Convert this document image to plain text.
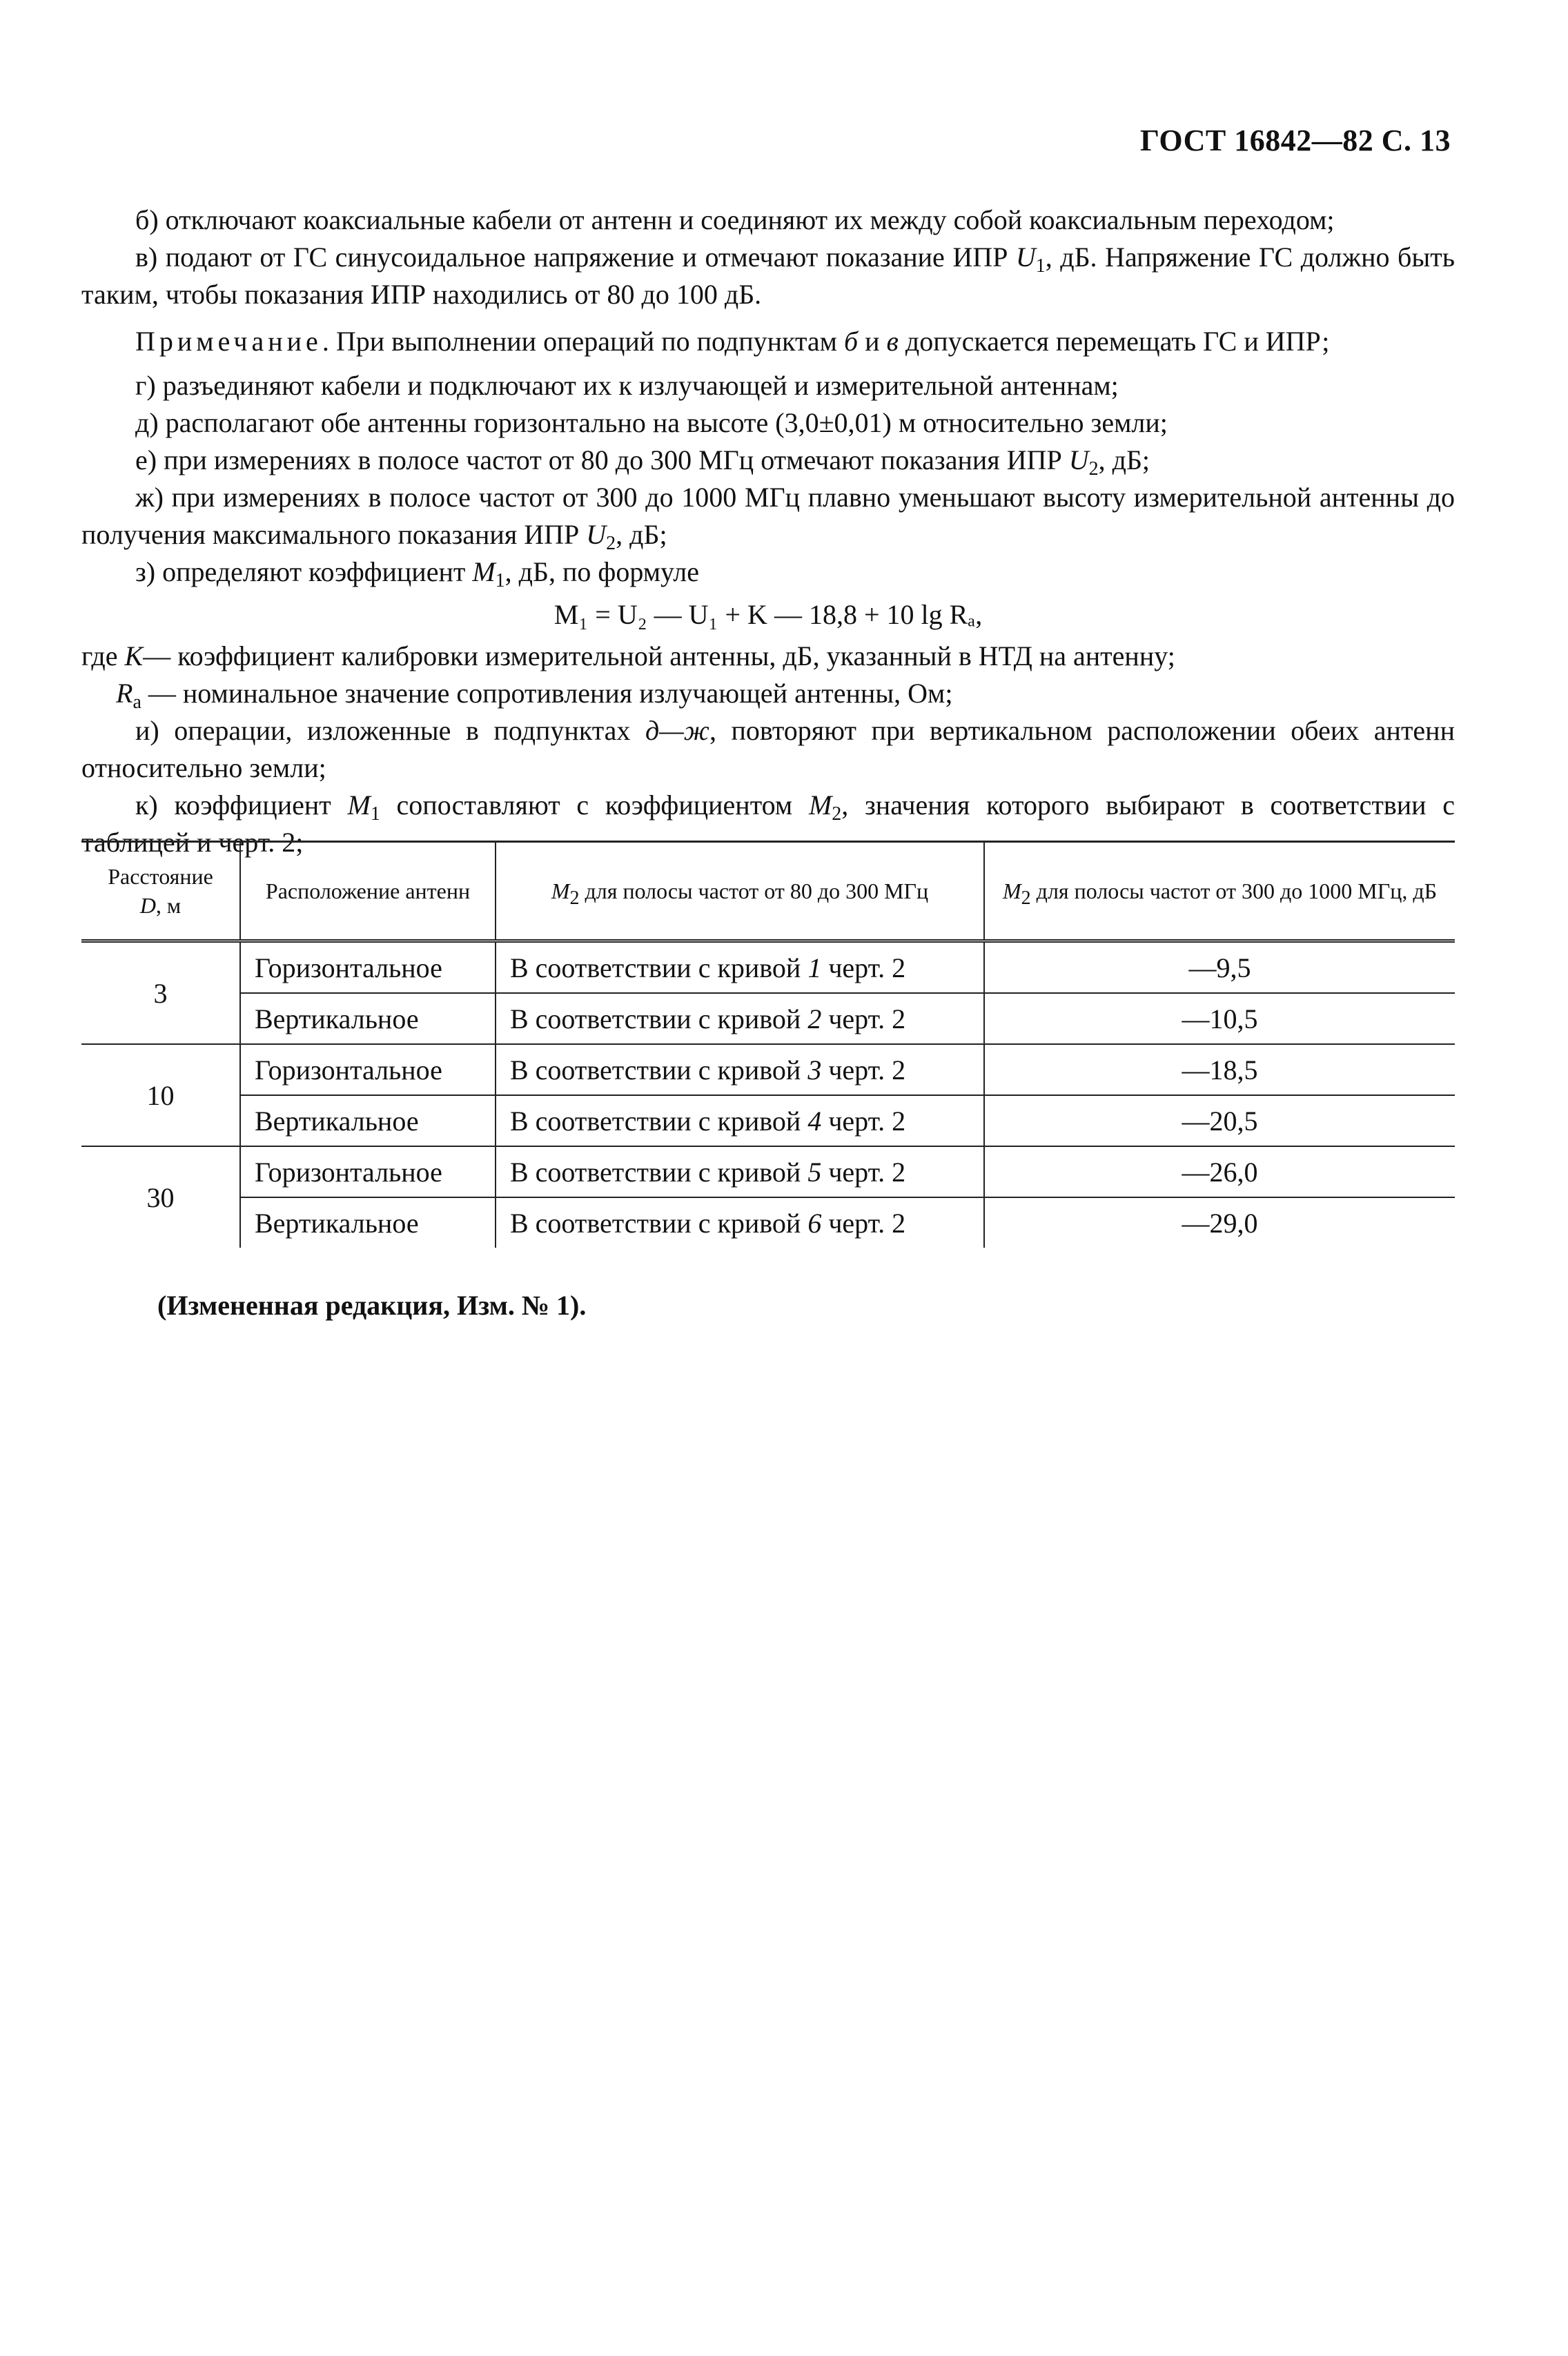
ГОСТ 16842—82 С. 13

б) отключают коаксиальные кабели от антенн и соединяют их между собой коаксиальным переходом;

в) подают от ГС синусоидальное напряжение и отмечают показание ИПР $U_1$, дБ. Напряжение ГС должно быть таким, чтобы показания ИПР находились от 80 до 100 дБ.

Примечание. При выполнении операций по подпунктам б и в допускается перемещать ГС и ИПР;

г) разъединяют кабели и подключают их к излучающей и измерительной антеннам;

д) располагают обе антенны горизонтально на высоте (3,0±0,01) м относительно земли;

е) при измерениях в полосе частот от 80 до 300 МГц отмечают показания ИПР $U_2$, дБ;

ж) при измерениях в полосе частот от 300 до 1000 МГц плавно уменьшают высоту измерительной антенны до получения максимального показания ИПР $U_2$, дБ;

з) определяют коэффициент $M_1$, дБ, по формуле

M₁ = U₂ — U₁ + K — 18,8 + 10 lg Rₐ,

где K— коэффициент калибровки измерительной антенны, дБ, указанный в НТД на антенну;

$R_а$ — номинальное значение сопротивления излучающей антенны, Ом;

и) операции, изложенные в подпунктах д—ж, повторяют при вертикальном расположении обеих антенн относительно земли;

к) коэффициент $M_1$ сопоставляют с коэффициентом $M_2$, значения которого выбирают в соответствии с таблицей и черт. 2;

Расстояние
D, м	Расположение антенн	$M_2$ для полосы частот от 80 до 300 МГц	$M_2$ для полосы частот от 300 до 1000 МГц, дБ
3	Горизонтальное	В соответствии с кривой 1 черт. 2	—9,5
	Вертикальное	В соответствии с кривой 2 черт. 2	—10,5
10	Горизонтальное	В соответствии с кривой 3 черт. 2	—18,5
	Вертикальное	В соответствии с кривой 4 черт. 2	—20,5
30	Горизонтальное	В соответствии с кривой 5 черт. 2	—26,0
	Вертикальное	В соответствии с кривой 6 черт. 2	—29,0
(Измененная редакция, Изм. № 1).
